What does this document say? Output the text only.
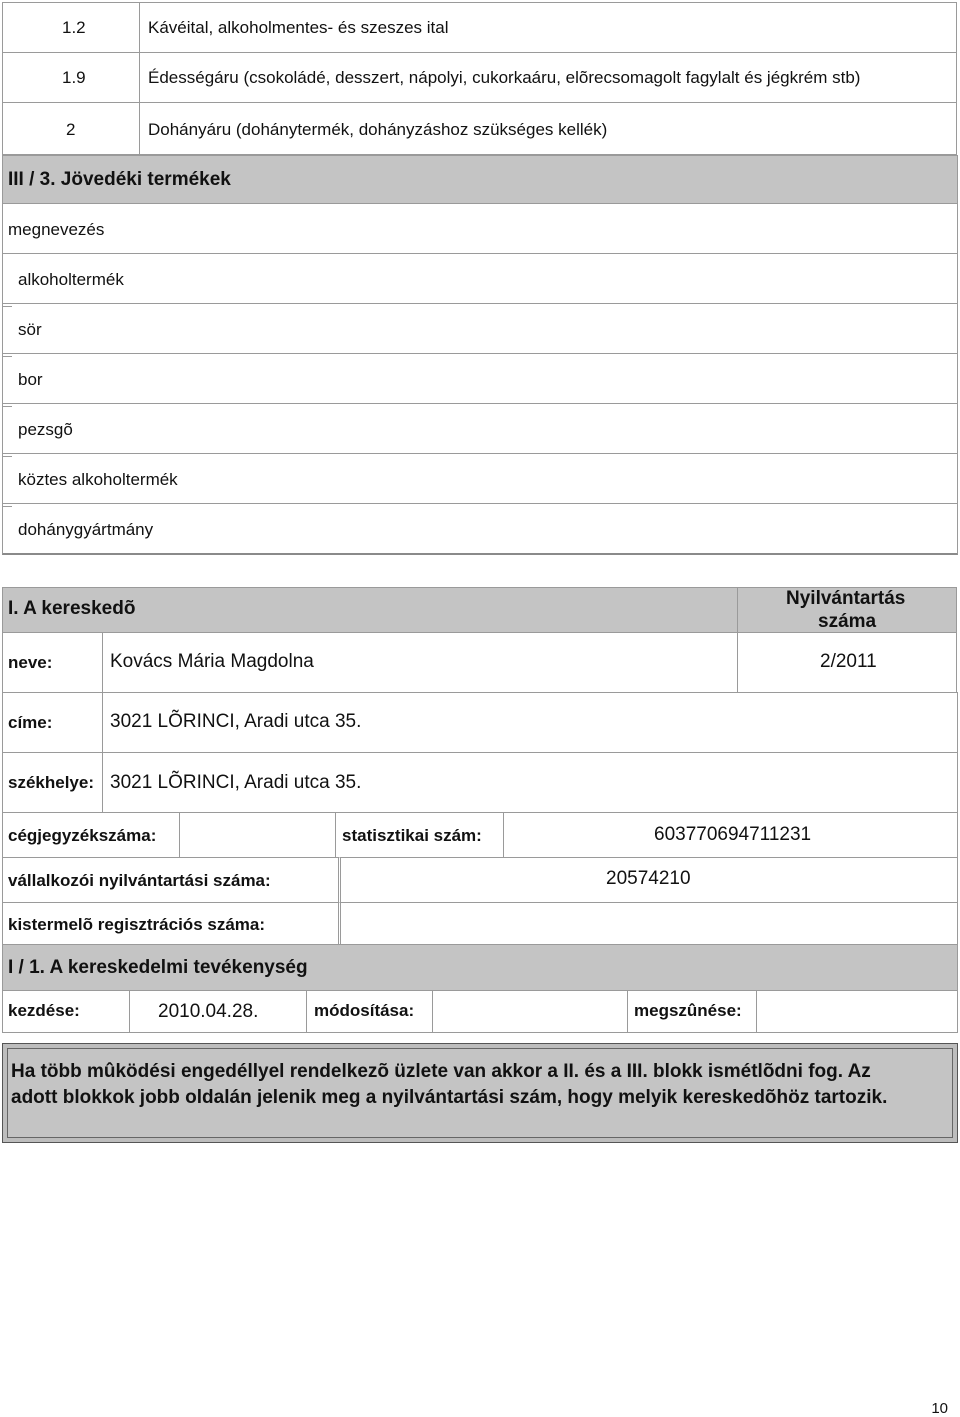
1.2	Kávéital, alkoholmentes- és szeszes ital
1.9	Édességáru (csokoládé, desszert, nápolyi, cukorkaáru, elõrecsomagolt fagylalt és jégkrém stb)
2	Dohányáru (dohánytermék, dohányzáshoz szükséges kellék)
III / 3. Jövedéki termékek
megnevezés
alkoholtermék
sör
bor
pezsgõ
köztes alkoholtermék
dohánygyártmány
I. A kereskedõ	Nyilvántartás
száma
neve:	Kovács Mária Magdolna	2/2011
címe:	3021 LÕRINCI, Aradi utca 35.
székhelye: 3021 LÕRINCI, Aradi utca 35.
cégjegyzékszáma:	statisztikai szám:	603770694711231
vállalkozói nyilvántartási száma:	20574210
kistermelõ regisztrációs száma:
I / 1. A kereskedelmi tevékenység
kezdése:	2010.04.28.	módosítása:	megszûnése:
Ha több mûködési engedéllyel rendelkezõ üzlete van akkor a II. és a III. blokk ismétlõdni fog. Az adott blokkok jobb oldalán jelenik meg a nyilvántartási szám, hogy melyik kereskedõhöz tartozik.
10
